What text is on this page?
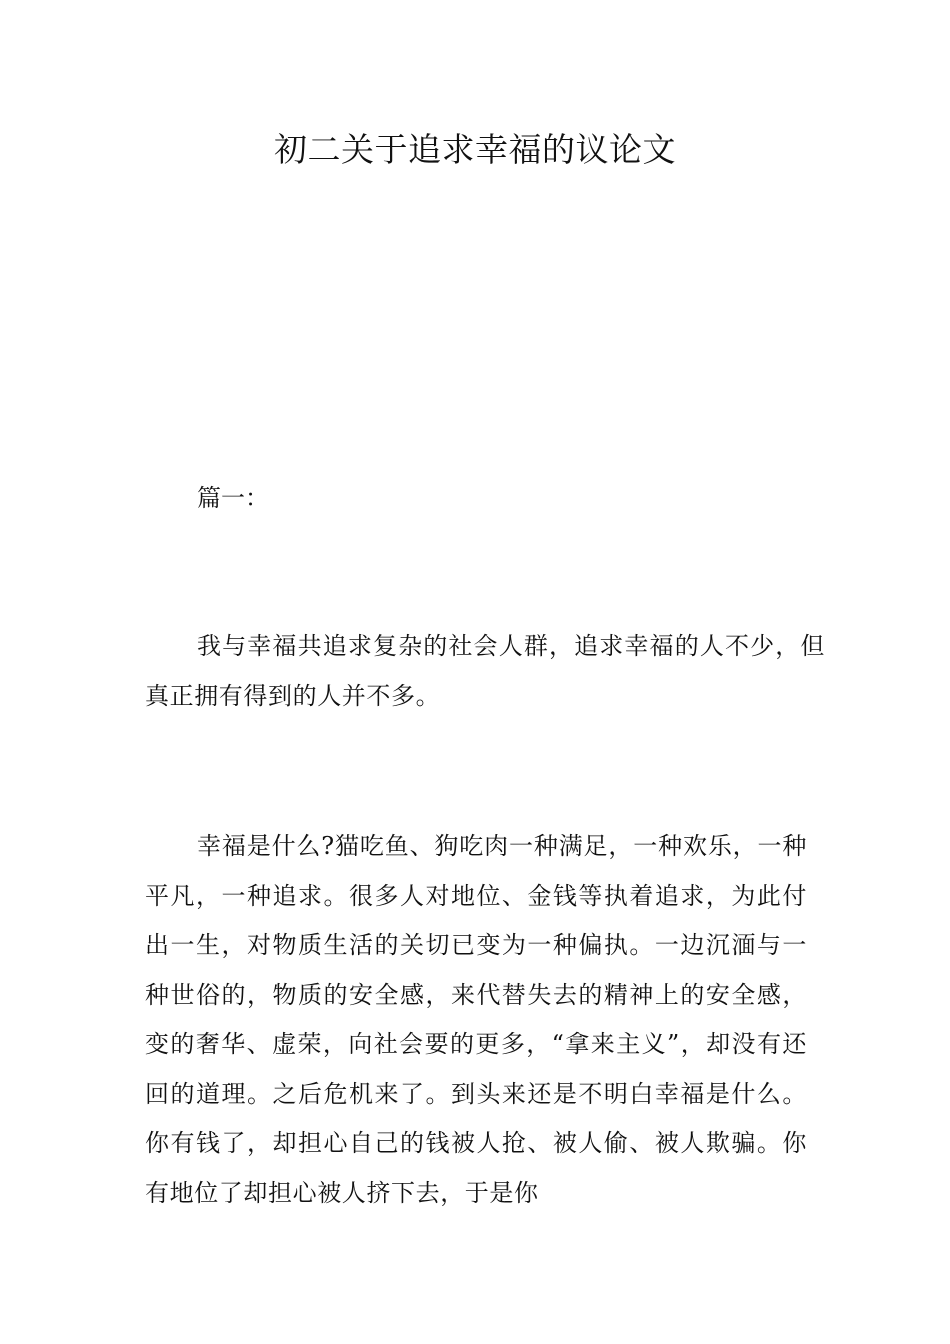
初二关于追求幸福的议论文

篇一：

我与幸福共追求复杂的社会人群，追求幸福的人不少，但真正拥有得到的人并不多。

幸福是什么?猫吃鱼、狗吃肉一种满足，一种欢乐，一种平凡，一种追求。很多人对地位、金钱等执着追求，为此付出一生，对物质生活的关切已变为一种偏执。一边沉湎与一种世俗的，物质的安全感，来代替失去的精神上的安全感，变的奢华、虚荣，向社会要的更多，“拿来主义”，却没有还回的道理。之后危机来了。到头来还是不明白幸福是什么。你有钱了，却担心自己的钱被人抢、被人偷、被人欺骗。你有地位了却担心被人挤下去，于是你
